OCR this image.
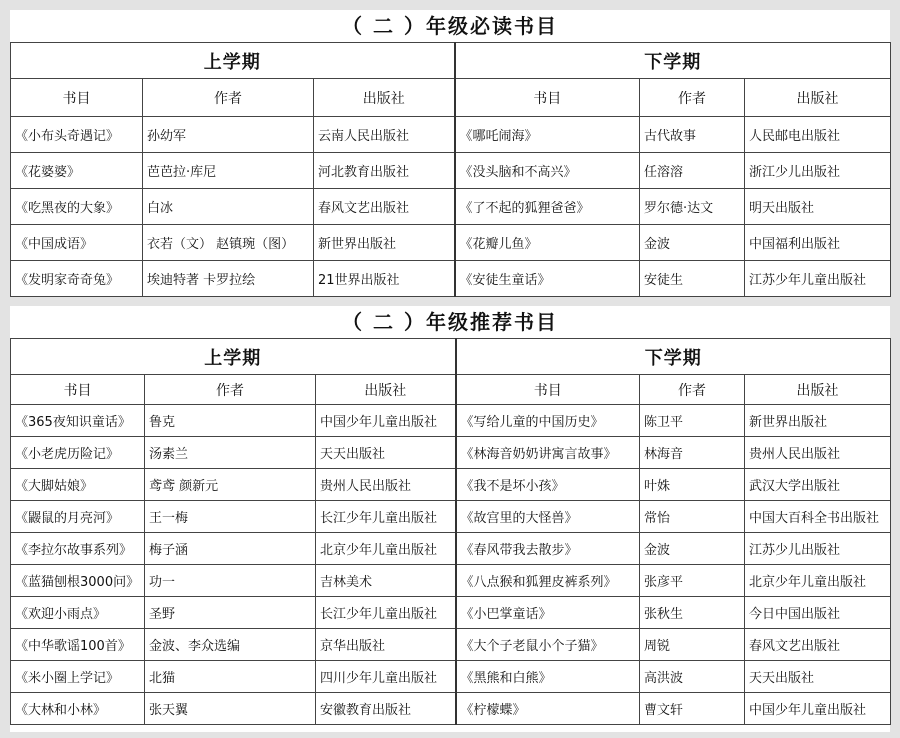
（ 二 ）年级必读书目
上学期			下学期		
书目	作者	出版社	书目	作者	出版社
《小布头奇遇记》	孙幼军	云南人民出版社	《哪吒闹海》	古代故事	人民邮电出版社
《花婆婆》	芭芭拉·库尼	河北教育出版社	《没头脑和不高兴》	任溶溶	浙江少儿出版社
《吃黑夜的大象》	白冰	春风文艺出版社	《了不起的狐狸爸爸》	罗尔德·达文	明天出版社
《中国成语》	衣若（文） 赵镇琬（图）	新世界出版社	《花瓣儿鱼》	金波	中国福利出版社
《发明家奇奇兔》	埃迪特著 卡罗拉绘	21世界出版社	《安徒生童话》	安徒生	江苏少年儿童出版社
（ 二 ）年级推荐书目
上学期			下学期		
书目	作者	出版社	书目	作者	出版社
《365夜知识童话》	鲁克	中国少年儿童出版社	《写给儿童的中国历史》	陈卫平	新世界出版社
《小老虎历险记》	汤素兰	天天出版社	《林海音奶奶讲寓言故事》	林海音	贵州人民出版社
《大脚姑娘》	鸢鸢 颜新元	贵州人民出版社	《我不是坏小孩》	叶姝	武汉大学出版社
《鼹鼠的月亮河》	王一梅	长江少年儿童出版社	《故宫里的大怪兽》	常怡	中国大百科全书出版社
《李拉尔故事系列》	梅子涵	北京少年儿童出版社	《春风带我去散步》	金波	江苏少儿出版社
《蓝猫刨根3000问》	功一	吉林美术	《八点猴和狐狸皮裤系列》	张彦平	北京少年儿童出版社
《欢迎小雨点》	圣野	长江少年儿童出版社	《小巴掌童话》	张秋生	今日中国出版社
《中华歌谣100首》	金波、李众选编	京华出版社	《大个子老鼠小个子猫》	周锐	春风文艺出版社
《米小圈上学记》	北猫	四川少年儿童出版社	《黑熊和白熊》	高洪波	天天出版社
《大林和小林》	张天翼	安徽教育出版社	《柠檬蝶》	曹文轩	中国少年儿童出版社
